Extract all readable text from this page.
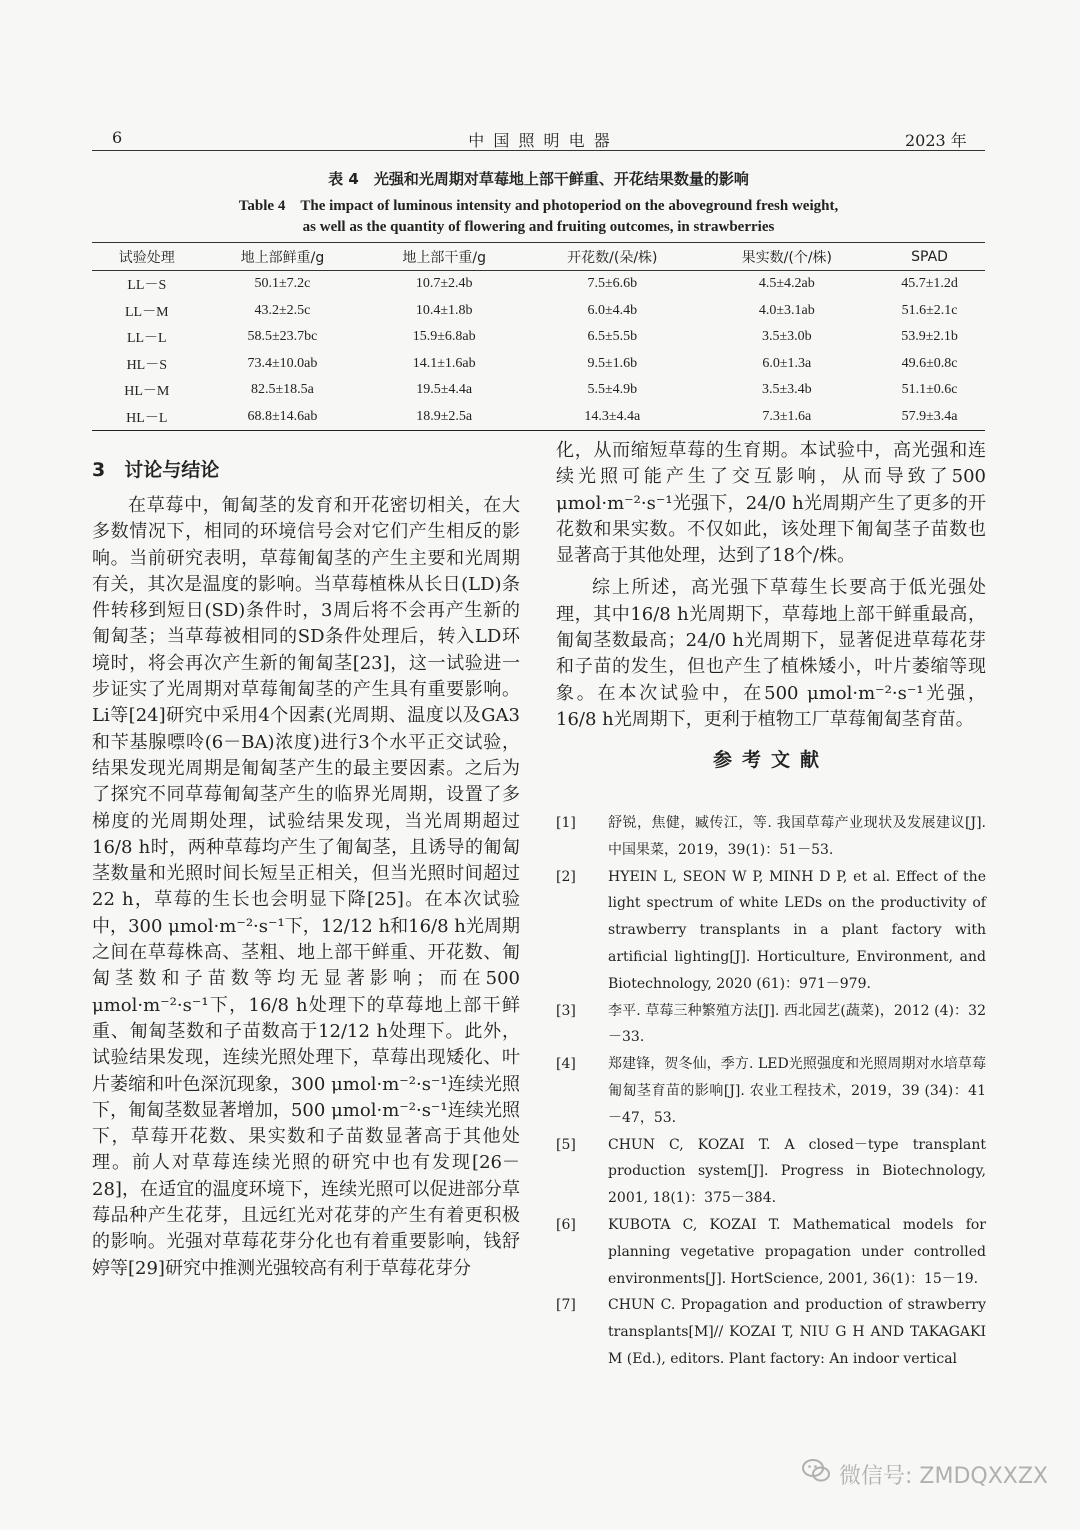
6	中 国 照 明 电 器	2023 年
表 4　光强和光周期对草莓地上部干鲜重、开花结果数量的影响
Table 4　The impact of luminous intensity and photoperiod on the aboveground fresh weight,
as well as the quantity of flowering and fruiting outcomes, in strawberries
试验处理	地上部鲜重/g	地上部干重/g	开花数/(朵/株)	果实数/(个/株)	SPAD
LL－S	50.1±7.2c	10.7±2.4b	7.5±6.6b	4.5±4.2ab	45.7±1.2d
LL－M	43.2±2.5c	10.4±1.8b	6.0±4.4b	4.0±3.1ab	51.6±2.1c
LL－L	58.5±23.7bc	15.9±6.8ab	6.5±5.5b	3.5±3.0b	53.9±2.1b
HL－S	73.4±10.0ab	14.1±1.6ab	9.5±1.6b	6.0±1.3a	49.6±0.8c
HL－M	82.5±18.5a	19.5±4.4a	5.5±4.9b	3.5±3.4b	51.1±0.6c
HL－L	68.8±14.6ab	18.9±2.5a	14.3±4.4a	7.3±1.6a	57.9±3.4a
3　讨论与结论

在草莓中，匍匐茎的发育和开花密切相关，在大多数情况下，相同的环境信号会对它们产生相反的影响。当前研究表明，草莓匍匐茎的产生主要和光周期有关，其次是温度的影响。当草莓植株从长日(LD)条件转移到短日(SD)条件时，3周后将不会再产生新的匍匐茎；当草莓被相同的SD条件处理后，转入LD环境时，将会再次产生新的匍匐茎[23]，这一试验进一步证实了光周期对草莓匍匐茎的产生具有重要影响。Li等[24]研究中采用4个因素(光周期、温度以及GA3和苄基腺嘌呤(6－BA)浓度)进行3个水平正交试验，结果发现光周期是匍匐茎产生的最主要因素。之后为了探究不同草莓匍匐茎产生的临界光周期，设置了多梯度的光周期处理，试验结果发现，当光周期超过16/8 h时，两种草莓均产生了匍匐茎，且诱导的匍匐茎数量和光照时间长短呈正相关，但当光照时间超过22 h，草莓的生长也会明显下降[25]。在本次试验中，300 μmol·m⁻²·s⁻¹下，12/12 h和16/8 h光周期之间在草莓株高、茎粗、地上部干鲜重、开花数、匍匐茎数和子苗数等均无显著影响；而在500 μmol·m⁻²·s⁻¹下，16/8 h处理下的草莓地上部干鲜重、匍匐茎数和子苗数高于12/12 h处理下。此外，试验结果发现，连续光照处理下，草莓出现矮化、叶片萎缩和叶色深沉现象，300 μmol·m⁻²·s⁻¹连续光照下，匍匐茎数显著增加，500 μmol·m⁻²·s⁻¹连续光照下，草莓开花数、果实数和子苗数显著高于其他处理。前人对草莓连续光照的研究中也有发现[26－28]，在适宜的温度环境下，连续光照可以促进部分草莓品种产生花芽，且远红光对花芽的产生有着更积极的影响。光强对草莓花芽分化也有着重要影响，钱舒婷等[29]研究中推测光强较高有利于草莓花芽分

化，从而缩短草莓的生育期。本试验中，高光强和连续光照可能产生了交互影响，从而导致了500 μmol·m⁻²·s⁻¹光强下，24/0 h光周期产生了更多的开花数和果实数。不仅如此，该处理下匍匐茎子苗数也显著高于其他处理，达到了18个/株。

综上所述，高光强下草莓生长要高于低光强处理，其中16/8 h光周期下，草莓地上部干鲜重最高，匍匐茎数最高；24/0 h光周期下，显著促进草莓花芽和子苗的发生，但也产生了植株矮小，叶片萎缩等现象。在本次试验中，在500 μmol·m⁻²·s⁻¹光强，16/8 h光周期下，更利于植物工厂草莓匍匐茎育苗。

参考文献
[1]	舒锐，焦健，臧传江，等. 我国草莓产业现状及发展建议[J]. 中国果菜，2019，39(1)：51－53.
[2]	HYEIN L, SEON W P, MINH D P, et al. Effect of the light spectrum of white LEDs on the productivity of strawberry transplants in a plant factory with artificial lighting[J]. Horticulture, Environment, and Biotechnology, 2020 (61)：971－979.
[3]	李平. 草莓三种繁殖方法[J]. 西北园艺(蔬菜)，2012 (4)：32－33.
[4]	郑建锋，贺冬仙，季方. LED光照强度和光照周期对水培草莓匍匐茎育苗的影响[J]. 农业工程技术，2019，39 (34)：41－47，53.
[5]	CHUN C, KOZAI T. A closed－type transplant production system[J]. Progress in Biotechnology, 2001, 18(1)：375－384.
[6]	KUBOTA C, KOZAI T. Mathematical models for planning vegetative propagation under controlled environments[J]. HortScience, 2001, 36(1)：15－19.
[7]	CHUN C. Propagation and production of strawberry transplants[M]// KOZAI T, NIU G H AND TAKAGAKI M (Ed.), editors. Plant factory: An indoor vertical
微信号: ZMDQXXZX
